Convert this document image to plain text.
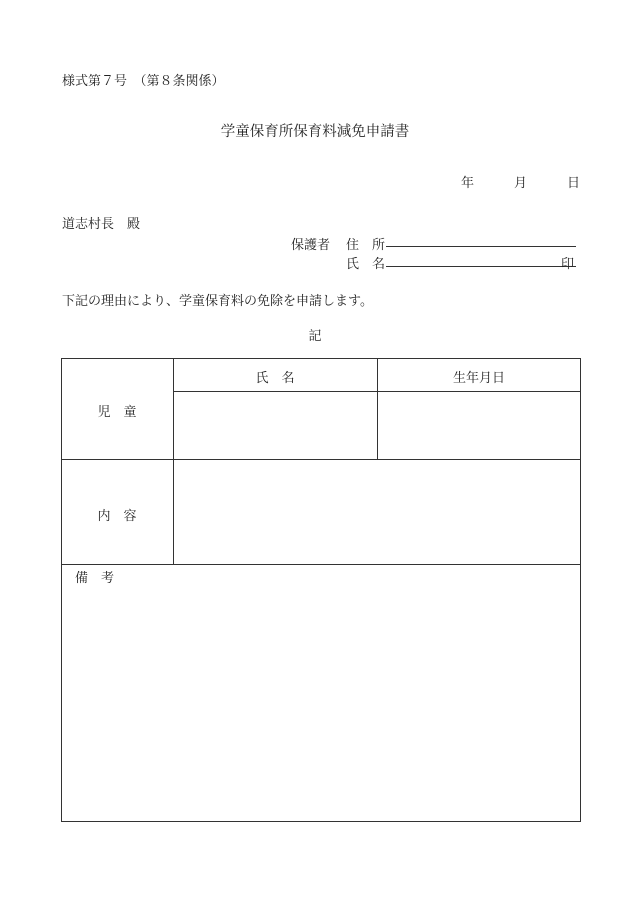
様式第７号　（第８条関係）
学童保育所保育料減免申請書
年	月	日
道志村長　殿
保護者 住　所
氏　名	印
下記の理由により、学童保育料の免除を申請します。
記
児　童
氏　名	生年月日
内　容
備　考
